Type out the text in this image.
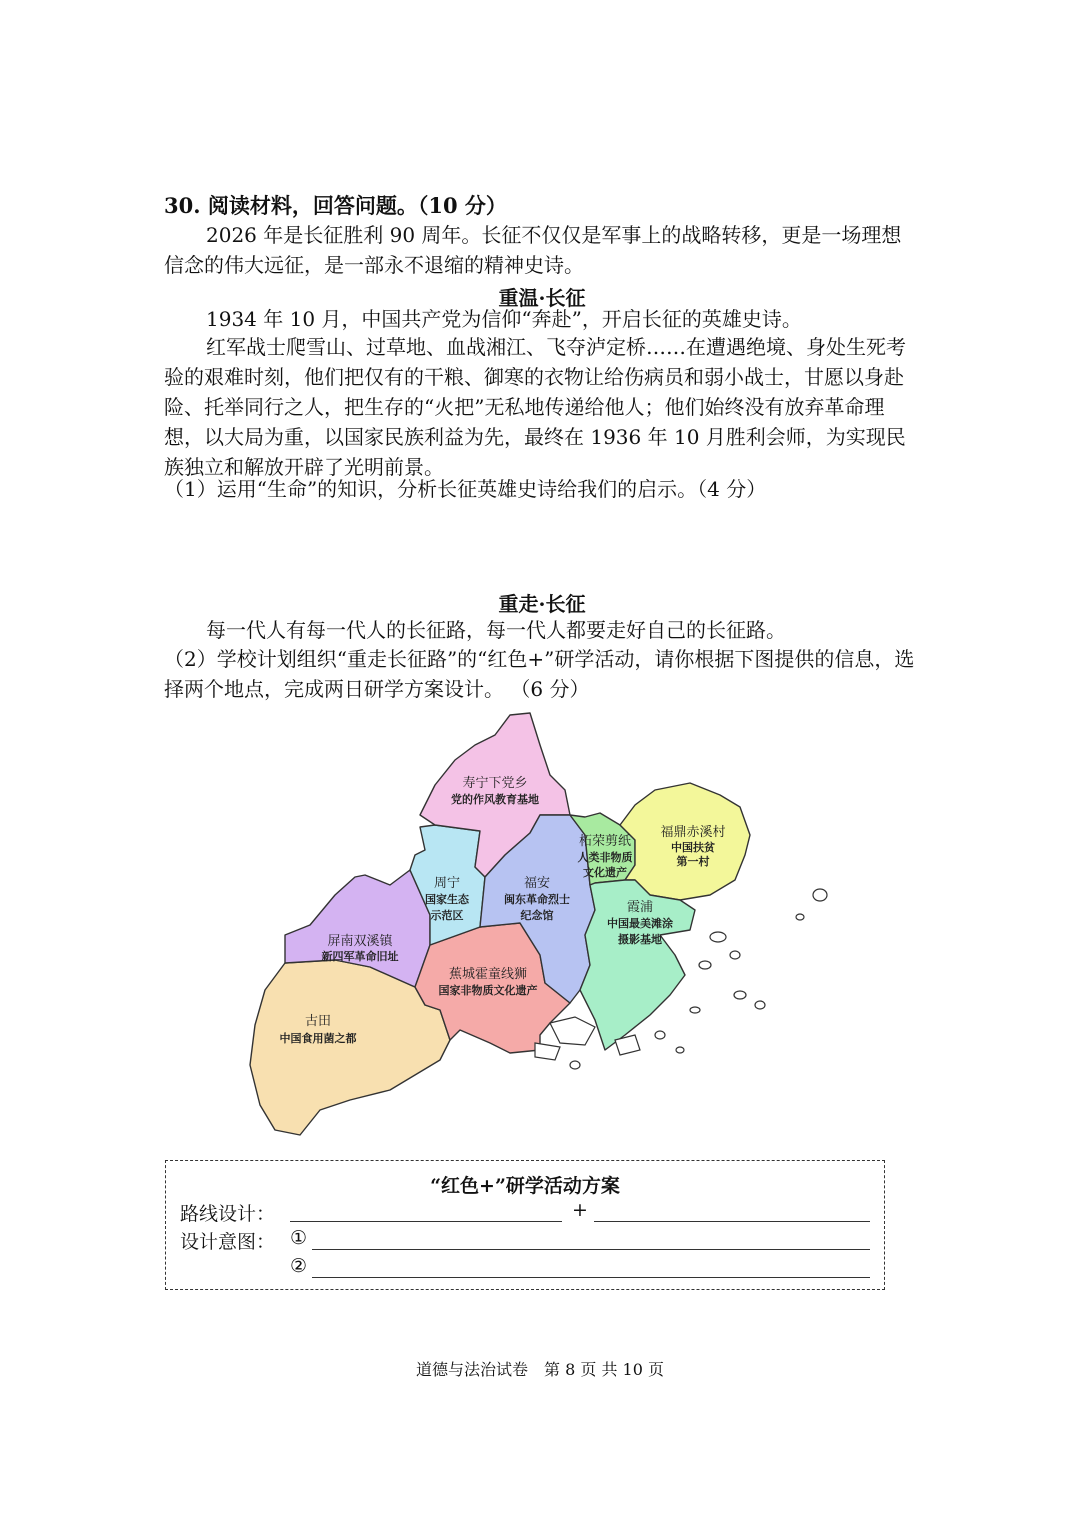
30. 阅读材料，回答问题。（10 分）

2026 年是长征胜利 90 周年。长征不仅仅是军事上的战略转移，更是一场理想信念的伟大远征，是一部永不退缩的精神史诗。

重温·长征

1934 年 10 月，中国共产党为信仰“奔赴”，开启长征的英雄史诗。

红军战士爬雪山、过草地、血战湘江、飞夺泸定桥……在遭遇绝境、身处生死考验的艰难时刻，他们把仅有的干粮、御寒的衣物让给伤病员和弱小战士，甘愿以身赴险、托举同行之人，把生存的“火把”无私地传递给他人；他们始终没有放弃革命理想，以大局为重，以国家民族利益为先，最终在 1936 年 10 月胜利会师，为实现民族独立和解放开辟了光明前景。

（1）运用“生命”的知识，分析长征英雄史诗给我们的启示。（4 分）

重走·长征

每一代人有每一代人的长征路，每一代人都要走好自己的长征路。

（2）学校计划组织“重走长征路”的“红色+”研学活动，请你根据下图提供的信息，选择两个地点，完成两日研学方案设计。 （6 分）

寿宁下党乡
党的作风教育基地
福鼎赤溪村
中国扶贫
第一村
柘荣剪纸
人类非物质
文化遗产
周宁
国家生态
示范区
福安
闽东革命烈士
纪念馆
霞浦
中国最美滩涂
摄影基地
屏南双溪镇
新四军革命旧址
蕉城霍童线狮
国家非物质文化遗产
古田
中国食用菌之都
“红色+”研学活动方案
路线设计：	+
设计意图： ①
②
道德与法治试卷　第 8 页 共 10 页
